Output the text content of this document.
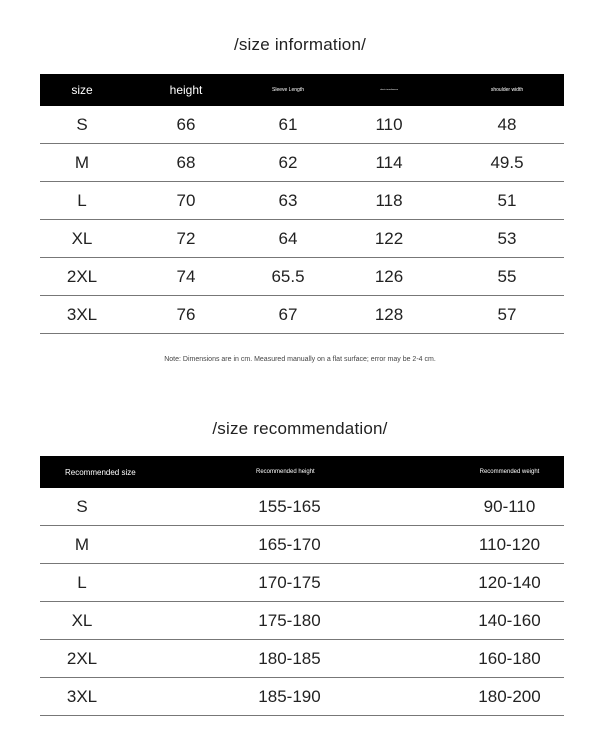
/size information/
size	height	Sleeve Length	chest circumference	shoulder width
S	66	61	110	48
M	68	62	114	49.5
L	70	63	118	51
XL	72	64	122	53
2XL	74	65.5	126	55
3XL	76	67	128	57
Note: Dimensions are in cm. Measured manually on a flat surface; error may be 2-4 cm.
/size recommendation/
Recommended size	Recommended height	Recommended weight
S	155-165	90-110
M	165-170	110-120
L	170-175	120-140
XL	175-180	140-160
2XL	180-185	160-180
3XL	185-190	180-200
